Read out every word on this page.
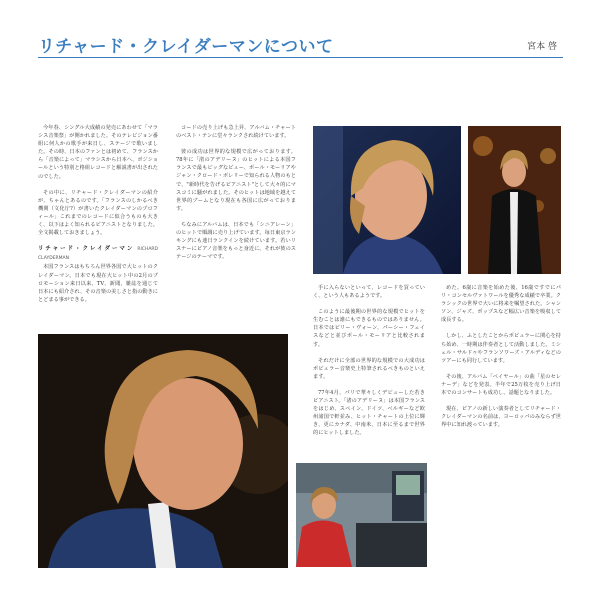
リチャード・クレイダーマンについて	宮本 啓

今年春、シングル大成績の発売にあわせて「マラシス音楽祭」が開かれました。そのテレビジョン番組に何人かの歌手が来日し、ステージで歌いました。その時、日本のファンとは初めて、フランスから「音楽によって」マラシスから日本へ、ボジショールという特別と格組レコードと解説書が出されたのでした。

その中に、リチャード・クレイダーマンの紹介が、ちゃんとあるのです。「フランスのしかるべき機関（文化庁?）が書いたクレイダーマンのプロフィール」これまでのレコードに似合うものも大きく、以下はよく知られるピアニストとなりました。全文掲載しておきましょう。

リチャード・クレイダーマン RICHARD CLAYDERMAN

本国フランスはもちろん世界各国で大ヒットのクレイダーマン。日本でも現在大ヒット中の2月のプロモーション来日以来、TV、新聞、雑誌を通じて日本にも紹介され、その音楽の美しさと指の動きにとどまる事ができる。

コードの売り上げも急上昇、アルバム・チャートのベスト・テンに堂々ランクされ続けています。

彼の成功は世界的な規模で広がっております。78年に「渚のアデリーヌ」のヒットによる本国フランスで最もビッグなピュー、ポール・モーリアやジャン・クロード・ボレリーで知られる人物のもとで、"新時代を告げるピアニスト"として大々的にマスコミに騒がれました。そのヒットは地域を越えて世界的ブームとなり現在も各国に広がっております。

ちなみにアルバムは、日本でも「シニアレーン」のヒットで順調に売り上げています。毎日東京ランキングにも連日ランクインを続けています。若いリスナーにピアノ音楽をもっと身近に。それが彼のステージのテーマです。

手に入らないといって、レコードを買っていく、という人もあるようです。

このように最後期の世界的な規模でヒットを生むことは誰にもできるものではありません。日本ではピリー・ヴォーン、パーシー・フェイスなどと並びポール・モーリアと比較されます。

それだけに全部の世界的な規模での大成功はポピュラー音楽史上特筆されるべきものといえます。

77年4月、パリで華々しくデビューした若きピアニスト。「渚のアデリーヌ」は本国フランスをはじめ、スペイン、ドイツ、ベルギーなど欧州諸国で軒並み、ヒット・チャートの上位に輝き、更にカナダ、中南米、日本に至るまで世界的にヒットしました。

めた。6歳に音楽を始めた後、16歳ですでにパリ・コンセルヴァトワールを優秀な成績で卒業。クラシックの世界で大いに将来を嘱望された。シャンソン、ジャズ、ポップスなど幅広い音楽を吸収して成長する。

しかし、ふとしたことからポピュラーに関心を持ち始め、一時期は伴奏者として活動しました。ミシェル・サルドゥやフランソワーズ・アルディなどのツアーにも同行しています。

その後、アルバム「ペイヤール」の曲「星のセレナーデ」などを発表。半年で25万枚を売り上げ日本でのコンサートも成功し、話題となりました。

現在、ピアノの新しい演奏者としてリチャード・クレイダーマンの名前は、ヨーロッパのみならず世界中に知れ渡っています。
